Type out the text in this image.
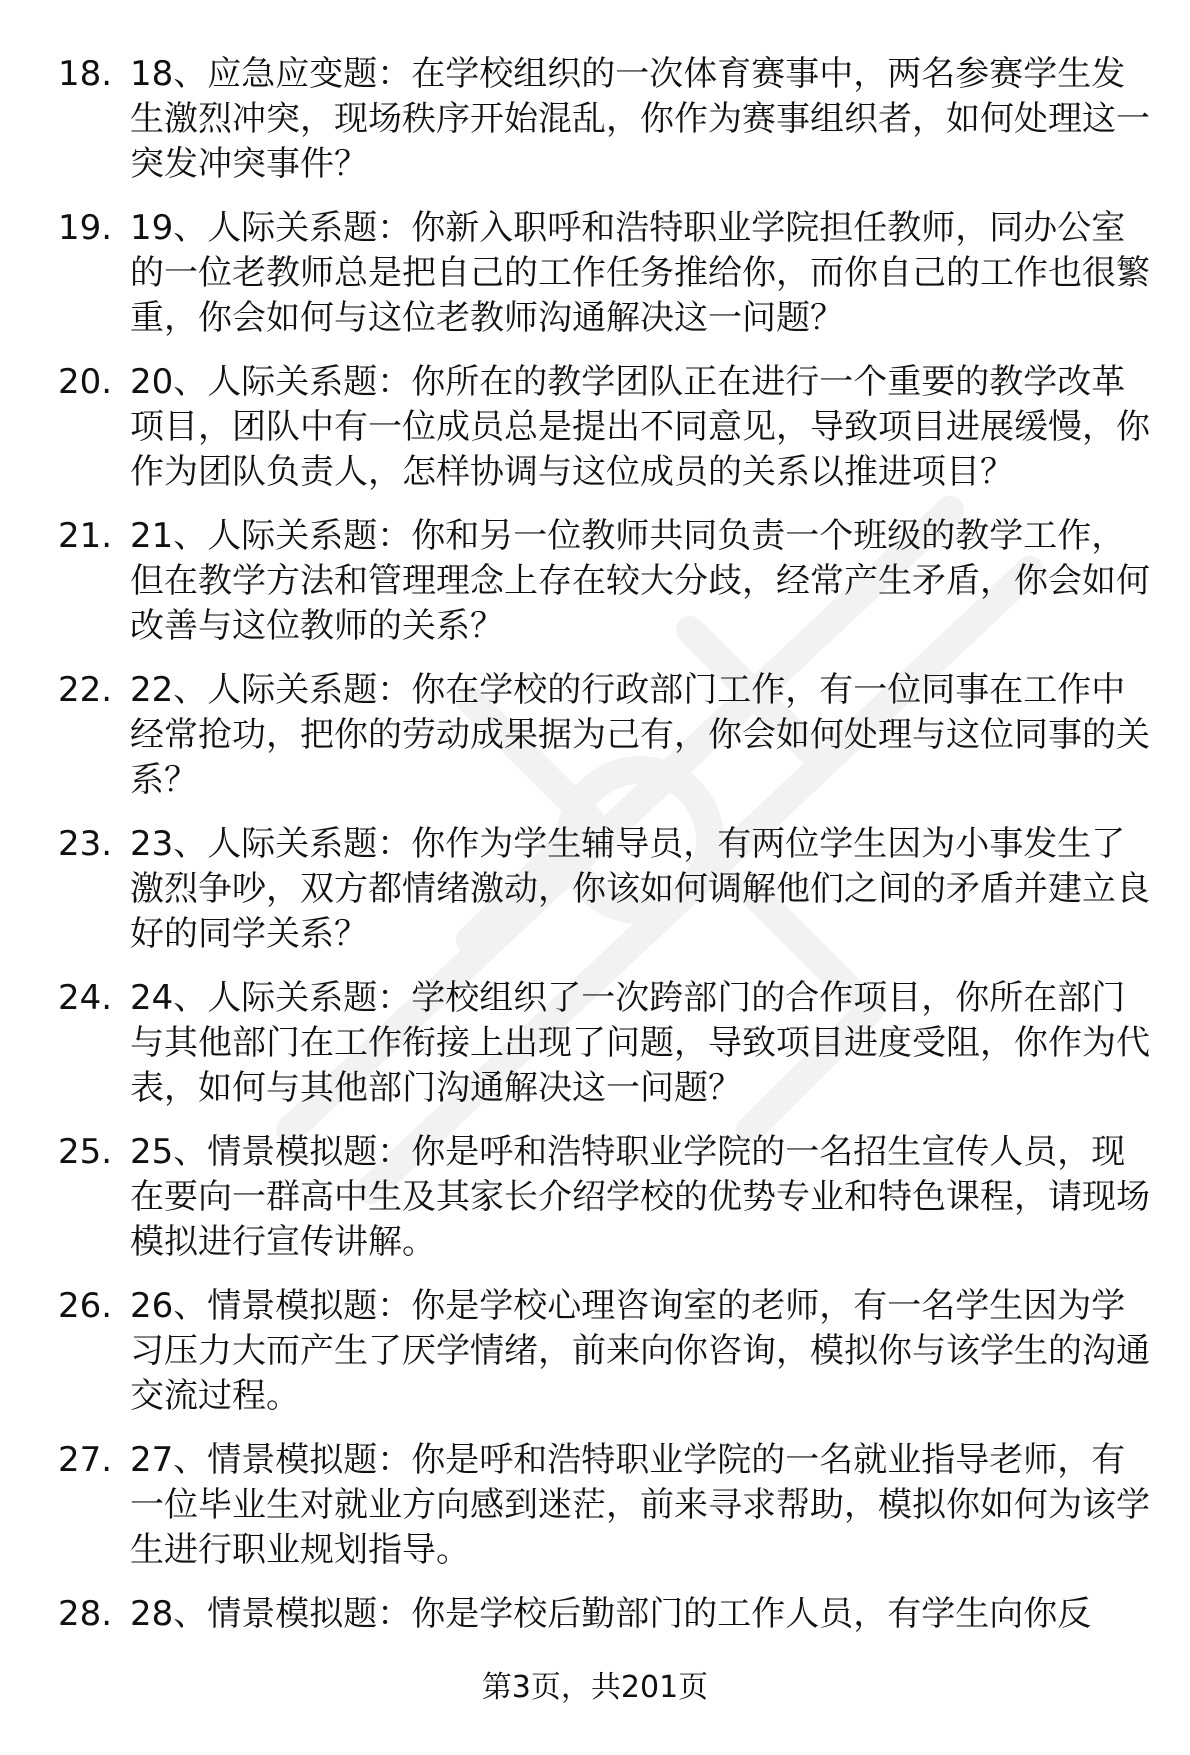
18. 18、应急应变题：在学校组织的一次体育赛事中，两名参赛学生发生激烈冲突，现场秩序开始混乱，你作为赛事组织者，如何处理这一突发冲突事件？
19. 19、人际关系题：你新入职呼和浩特职业学院担任教师，同办公室的一位老教师总是把自己的工作任务推给你，而你自己的工作也很繁重，你会如何与这位老教师沟通解决这一问题？
20. 20、人际关系题：你所在的教学团队正在进行一个重要的教学改革项目，团队中有一位成员总是提出不同意见，导致项目进展缓慢，你作为团队负责人，怎样协调与这位成员的关系以推进项目？
21. 21、人际关系题：你和另一位教师共同负责一个班级的教学工作，但在教学方法和管理理念上存在较大分歧，经常产生矛盾，你会如何改善与这位教师的关系？
22. 22、人际关系题：你在学校的行政部门工作，有一位同事在工作中经常抢功，把你的劳动成果据为己有，你会如何处理与这位同事的关系？
23. 23、人际关系题：你作为学生辅导员，有两位学生因为小事发生了激烈争吵，双方都情绪激动，你该如何调解他们之间的矛盾并建立良好的同学关系？
24. 24、人际关系题：学校组织了一次跨部门的合作项目，你所在部门与其他部门在工作衔接上出现了问题，导致项目进度受阻，你作为代表，如何与其他部门沟通解决这一问题？
25. 25、情景模拟题：你是呼和浩特职业学院的一名招生宣传人员，现在要向一群高中生及其家长介绍学校的优势专业和特色课程，请现场模拟进行宣传讲解。
26. 26、情景模拟题：你是学校心理咨询室的老师，有一名学生因为学习压力大而产生了厌学情绪，前来向你咨询，模拟你与该学生的沟通交流过程。
27. 27、情景模拟题：你是呼和浩特职业学院的一名就业指导老师，有一位毕业生对就业方向感到迷茫，前来寻求帮助，模拟你如何为该学生进行职业规划指导。
28. 28、情景模拟题：你是学校后勤部门的工作人员，有学生向你反
第3页，共201页
